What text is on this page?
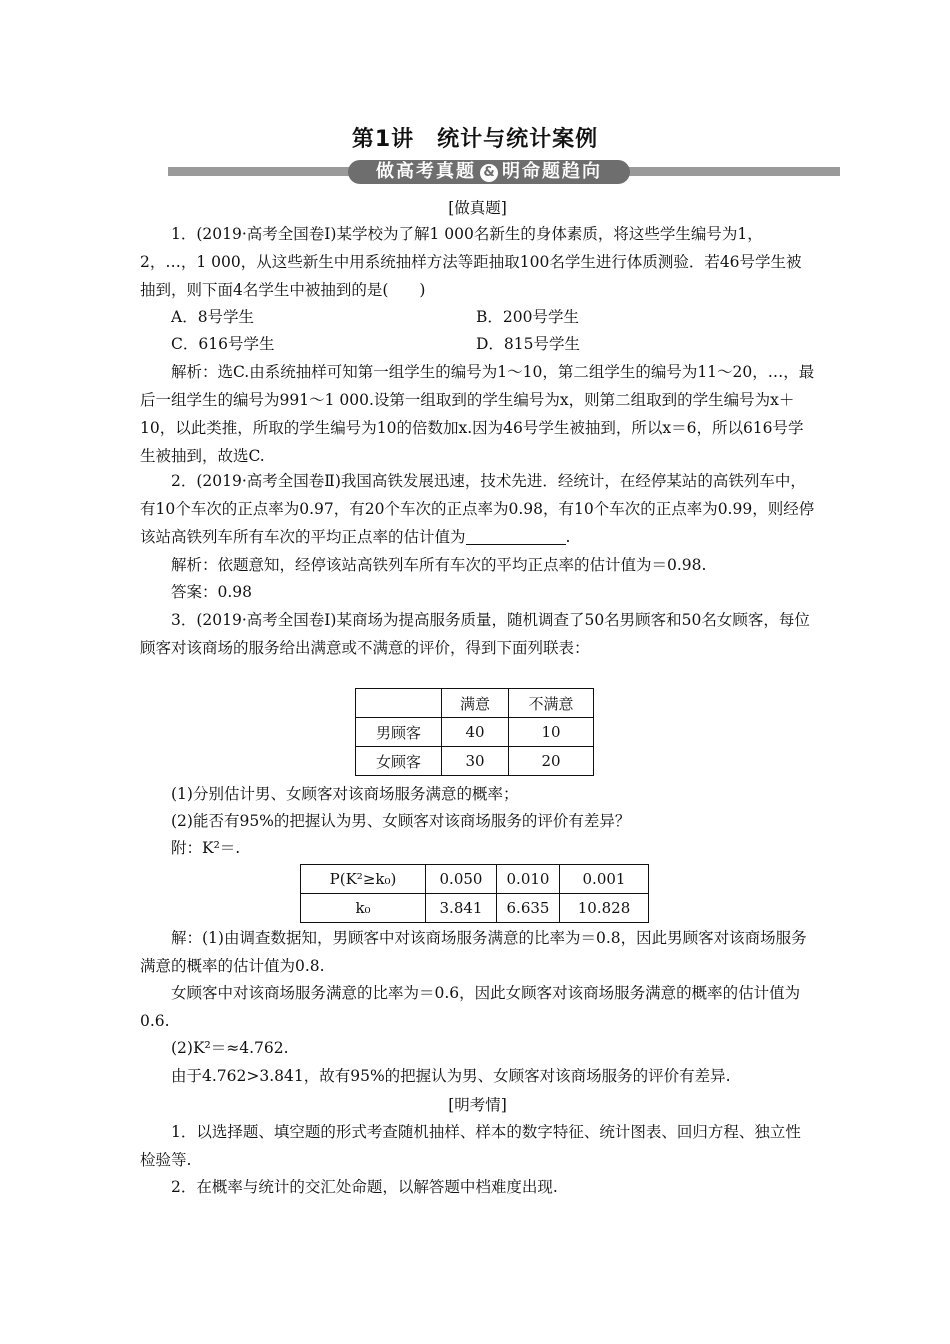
第1讲　统计与统计案例
做高考真题 & 明命题趋向
[做真题]
1．(2019·高考全国卷Ⅰ)某学校为了解1 000名新生的身体素质，将这些学生编号为1，2，…，1 000，从这些新生中用系统抽样方法等距抽取100名学生进行体质测验．若46号学生被抽到，则下面4名学生中被抽到的是(　　)
A．8号学生	B．200号学生
C．616号学生	D．815号学生
解析：选C.由系统抽样可知第一组学生的编号为1～10，第二组学生的编号为11～20，…，最后一组学生的编号为991～1 000.设第一组取到的学生编号为x，则第二组取到的学生编号为x＋10，以此类推，所取的学生编号为10的倍数加x.因为46号学生被抽到，所以x＝6，所以616号学生被抽到，故选C.
2．(2019·高考全国卷Ⅱ)我国高铁发展迅速，技术先进．经统计，在经停某站的高铁列车中，有10个车次的正点率为0.97，有20个车次的正点率为0.98，有10个车次的正点率为0.99，则经停该站高铁列车所有车次的平均正点率的估计值为	.
解析：依题意知，经停该站高铁列车所有车次的平均正点率的估计值为＝0.98.
答案：0.98
3．(2019·高考全国卷Ⅰ)某商场为提高服务质量，随机调查了50名男顾客和50名女顾客，每位顾客对该商场的服务给出满意或不满意的评价，得到下面列联表：
	满意	不满意
男顾客	40	10
女顾客	30	20
(1)分别估计男、女顾客对该商场服务满意的概率；
(2)能否有95%的把握认为男、女顾客对该商场服务的评价有差异？
附：K²＝.
P(K²≥k₀)	0.050	0.010	0.001
k₀	3.841	6.635	10.828
解：(1)由调查数据知，男顾客中对该商场服务满意的比率为＝0.8，因此男顾客对该商场服务满意的概率的估计值为0.8.
女顾客中对该商场服务满意的比率为＝0.6，因此女顾客对该商场服务满意的概率的估计值为0.6.
(2)K²＝≈4.762.
由于4.762>3.841，故有95%的把握认为男、女顾客对该商场服务的评价有差异.
[明考情]
1．以选择题、填空题的形式考查随机抽样、样本的数字特征、统计图表、回归方程、独立性检验等.
2．在概率与统计的交汇处命题，以解答题中档难度出现.
